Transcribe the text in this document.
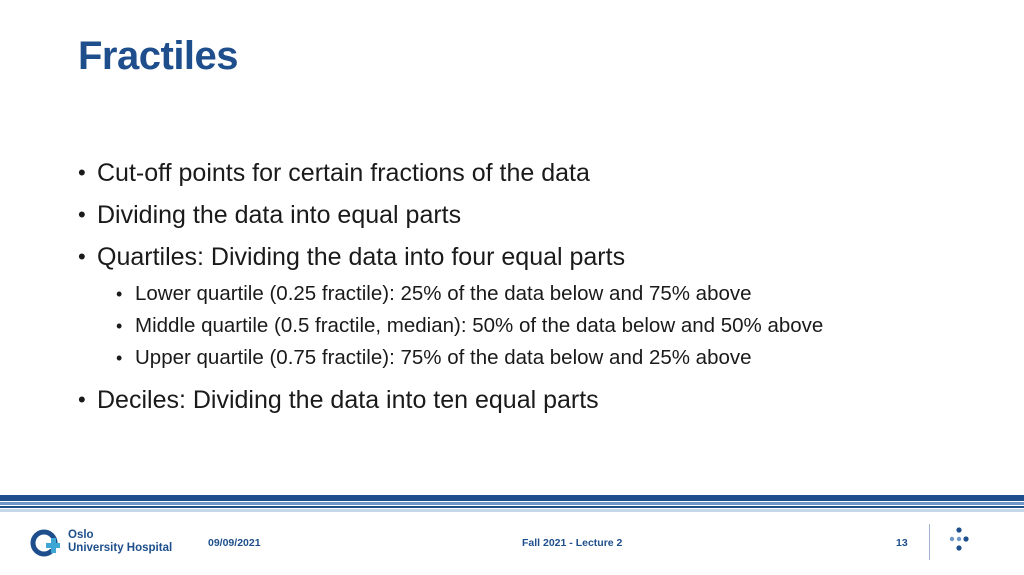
Fractiles
• Cut-off points for certain fractions of the data
• Dividing the data into equal parts
• Quartiles: Dividing the data into four equal parts
• Lower quartile (0.25 fractile): 25% of the data below and 75% above
• Middle quartile (0.5 fractile, median): 50% of the data below and 50% above
• Upper quartile (0.75 fractile): 75% of the data below and 25% above
• Deciles: Dividing the data into ten equal parts
Oslo
University Hospital	09/09/2021	Fall 2021 - Lecture 2	13
